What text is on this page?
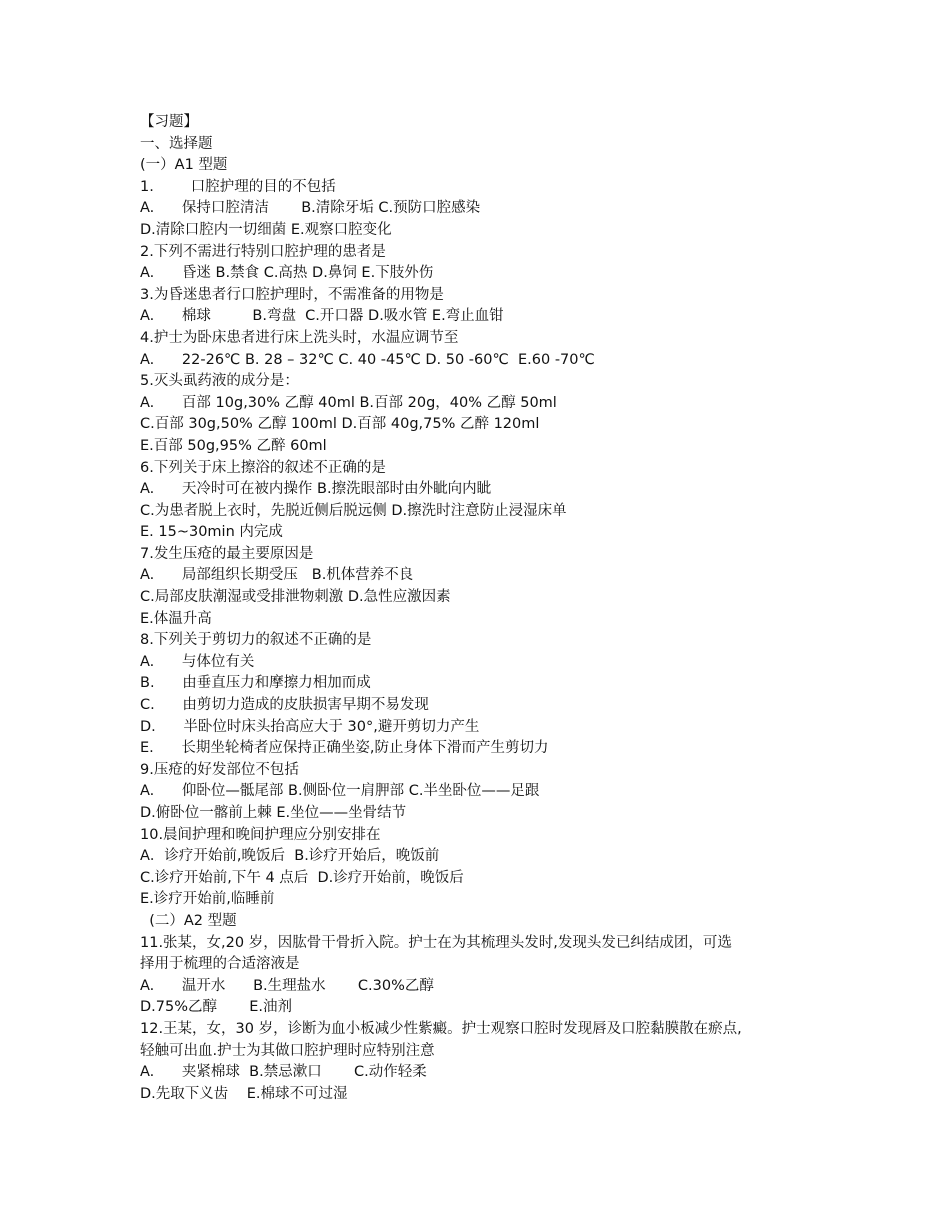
【习题】
一、选择题
(一）A1 型题
1.        口腔护理的目的不包括
A.      保持口腔清洁       B.清除牙垢 C.预防口腔感染
D.清除口腔内一切细菌 E.观察口腔变化
2.下列不需进行特别口腔护理的患者是
A.      昏迷 B.禁食 C.高热 D.鼻饲 E.下肢外伤
3.为昏迷患者行口腔护理时，不需准备的用物是
A.      棉球         B.弯盘  C.开口器 D.吸水管 E.弯止血钳
4.护士为卧床患者进行床上洗头时，水温应调节至
A.      22-26℃ B. 28 – 32℃ C. 40 -45℃ D. 50 -60℃  E.60 -70℃
5.灭头虱药液的成分是：
A.      百部 10g,30% 乙醇 40ml B.百部 20g，40% 乙醇 50ml
C.百部 30g,50% 乙醇 100ml D.百部 40g,75% 乙醉 120ml
E.百部 50g,95% 乙醉 60ml
6.下列关于床上擦浴的叙述不正确的是
A.      天冷时可在被内操作 B.擦洗眼部时由外眦向内眦
C.为患者脱上衣时，先脱近侧后脱远侧 D.擦洗时注意防止浸湿床单
E. 15~30min 内完成
7.发生压疮的最主要原因是
A.      局部组织长期受压   B.机体营养不良
C.局部皮肤潮湿或受排泄物刺激 D.急性应激因素
E.体温升高
8.下列关于剪切力的叙述不正确的是
A.      与体位有关
B.      由垂直压力和摩擦力相加而成
C.      由剪切力造成的皮肤损害早期不易发现
D.      半卧位时床头抬高应大于 30°,避开剪切力产生
E.      长期坐轮椅者应保持正确坐姿,防止身体下滑而产生剪切力
9.压疮的好发部位不包括
A.      仰卧位—骶尾部 B.侧卧位一肩胛部 C.半坐卧位——足跟
D.俯卧位一髂前上棘 E.坐位——坐骨结节
10.晨间护理和晚间护理应分别安排在
A．诊疗开始前,晚饭后  B.诊疗开始后，晚饭前
C.诊疗开始前,下午 4 点后  D.诊疗开始前，晚饭后
E.诊疗开始前,临睡前
(二）A2 型题
11.张某，女,20 岁，因肱骨干骨折入院。护士在为其梳理头发时,发现头发已纠结成团，可选
择用于梳理的合适溶液是
A.      温开水      B.生理盐水       C.30%乙醇
D.75%乙醇       E.油剂
12.王某，女，30 岁，诊断为血小板减少性紫癜。护士观察口腔时发现唇及口腔黏膜散在瘀点,
轻触可出血.护士为其做口腔护理时应特别注意
A.      夹紧棉球  B.禁忌漱口       C.动作轻柔
D.先取下义齿    E.棉球不可过湿
